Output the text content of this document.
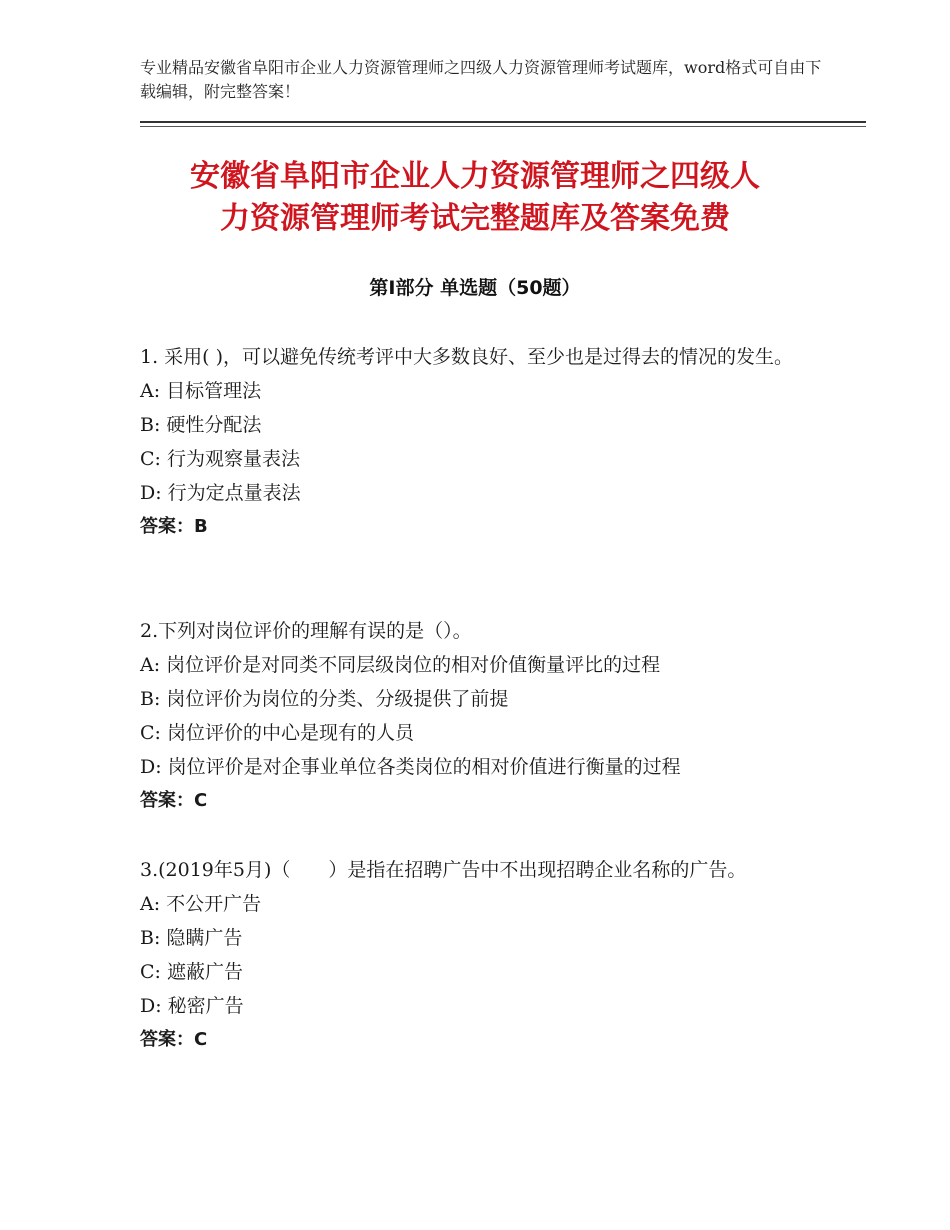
专业精品安徽省阜阳市企业人力资源管理师之四级人力资源管理师考试题库，word格式可自由下载编辑，附完整答案！
安徽省阜阳市企业人力资源管理师之四级人
力资源管理师考试完整题库及答案免费
第Ⅰ部分 单选题（50题）

1. 采用( )，可以避免传统考评中大多数良好、至少也是过得去的情况的发生。

A: 目标管理法

B: 硬性分配法

C: 行为观察量表法

D: 行为定点量表法

答案：B

2.下列对岗位评价的理解有误的是（）。

A: 岗位评价是对同类不同层级岗位的相对价值衡量评比的过程

B: 岗位评价为岗位的分类、分级提供了前提

C: 岗位评价的中心是现有的人员

D: 岗位评价是对企事业单位各类岗位的相对价值进行衡量的过程

答案：C

3.(2019年5月)（　　）是指在招聘广告中不出现招聘企业名称的广告。

A: 不公开广告

B: 隐瞒广告

C: 遮蔽广告

D: 秘密广告

答案：C
